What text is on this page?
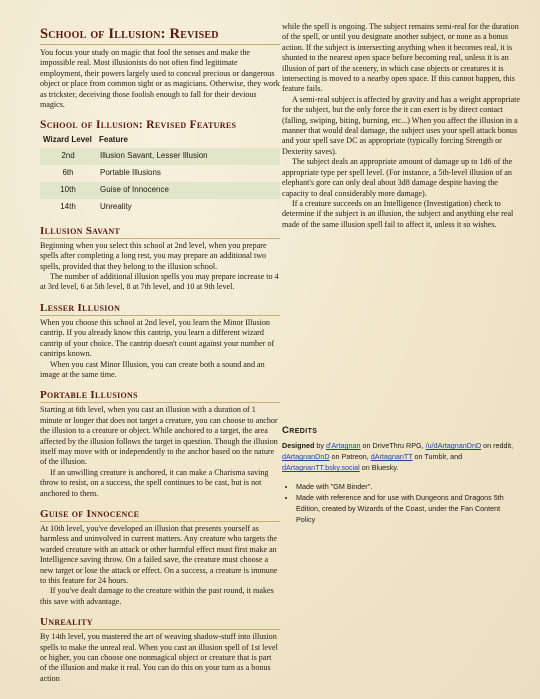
School of Illusion: Revised

You focus your study on magic that fool the senses and make the impossible real. Most illusionists do not often find legitimate employment, their powers largely used to conceal precious or dangerous object or place from common sight or as magicians. Otherwise, they work as trickster, deceiving those foolish enough to fall for their devious magics.

School of Illusion: Revised Features
Wizard Level	Feature
2nd	Illusion Savant, Lesser Illusion
6th	Portable Illusions
10th	Guise of Innocence
14th	Unreality
Illusion Savant

Beginning when you select this school at 2nd level, when you prepare spells after completing a long rest, you may prepare an additional two spells, provided that they belong to the illusion school.

The number of additional illusion spells you may prepare increase to 4 at 3rd level, 6 at 5th level, 8 at 7th level, and 10 at 9th level.

Lesser Illusion

When you choose this school at 2nd level, you learn the Minor Illusion cantrip. If you already know this cantrip, you learn a different wizard cantrip of your choice. The cantrip doesn't count against your number of cantrips known.

When you cast Minor Illusion, you can create both a sound and an image at the same time.

Portable Illusions

Starting at 6th level, when you cast an illusion with a duration of 1 minute or longer that does not target a creature, you can choose to anchor the illusion to a creature or object. While anchored to a target, the area affected by the illusion follows the target in question. Though the illusion itself may move with or independently to the anchor based on the nature of the illusion.

If an unwilling creature is anchored, it can make a Charisma saving throw to resist, on a success, the spell continues to be cast, but is not anchored to them.

Guise of Innocence

At 10th level, you've developed an illusion that presents yourself as harmless and uninvolved in current matters. Any creature who targets the warded creature with an attack or other harmful effect must first make an Intelligence saving throw. On a failed save, the creature must choose a new target or lose the attack or effect. On a success, a creature is immune to this feature for 24 hours.

If you've dealt damage to the creature within the past round, it makes this save with advantage.

Unreality

By 14th level, you mastered the art of weaving shadow-stuff into illusion spells to make the unreal real. When you cast an illusion spell of 1st level or higher, you can choose one nonmagical object or creature that is part of the illusion and make it real. You can do this on your turn as a bonus action

while the spell is ongoing. The subject remains semi-real for the duration of the spell, or until you designate another subject, or none as a bonus action. If the subject is intersecting anything when it becomes real, it is shunted to the nearest open space before becoming real, unless it is an illusion of part of the scenery, in which case objects or creatures it is intersecting is moved to a nearby open space. If this cannot happen, this feature fails.

A semi-real subject is affected by gravity and has a weight appropriate for the subject, but the only force the it can exert is by direct contact (falling, swiping, biting, burning, etc...) When you affect the illusion in a manner that would deal damage, the subject uses your spell attack bonus and your spell save DC as appropriate (typically forcing Strength or Dexterity saves).

The subject deals an appropriate amount of damage up to 1d6 of the appropriate type per spell level. (For instance, a 5th-level illusion of an elephant's gore can only deal about 3d8 damage despite having the capacity to deal considerably more damage).

If a creature succeeds on an Intelligence (Investigation) check to determine if the subject is an illusion, the subject and anything else real made of the same illusion spell fail to affect it, unless it so wishes.

Credits
Designed by d'Artagnan on DriveThru RPG, /u/dArtagnanDnD on reddit, dArtagnanDnD on Patreon, dArtagnanTT on Tumblr, and dArtagnanTT.bsky.social on Bluesky.
• Made with "GM Binder".
• Made with reference and for use with Dungeons and Dragons 5th Edition, created by Wizards of the Coast, under the Fan Content Policy
